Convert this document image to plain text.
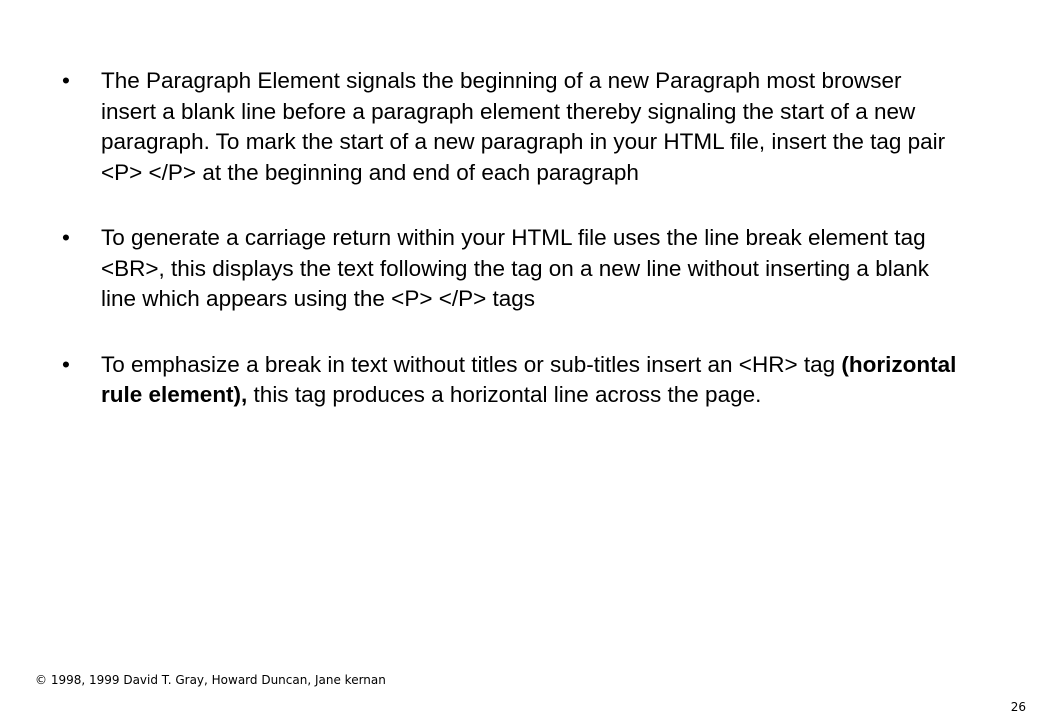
• The Paragraph Element signals the beginning of a new Paragraph most browser insert a blank line before a paragraph element thereby signaling the start of a new paragraph. To mark the start of a new paragraph in your HTML file, insert the tag pair <P> </P> at the beginning and end of each paragraph
• To generate a carriage return within your HTML file uses the line break element tag <BR>, this displays the text following the tag on a new line without inserting a blank line which appears using the <P> </P> tags
• To emphasize a break in text without titles or sub-titles insert an <HR> tag (horizontal rule element), this tag produces a horizontal line across the page.
© 1998, 1999 David T. Gray, Howard Duncan, Jane kernan
26
